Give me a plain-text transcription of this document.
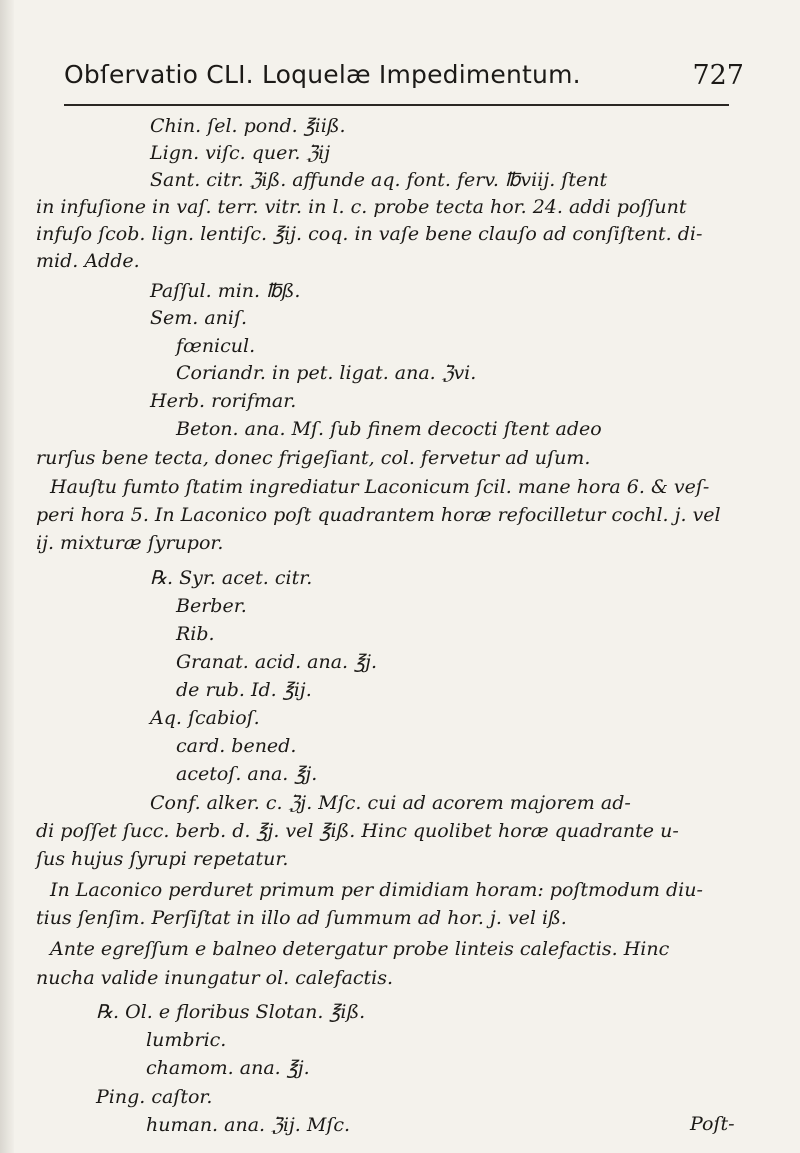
Obſervatio CLI. Loquelæ Impedimentum.	727
Chin. ſel. pond. ℥iiß.
Lign. viſc. quer. ℨij
Sant. citr. ℨiß. affunde aq. font. ferv. ℔viij. ſtent
in infuſione in vaſ. terr. vitr. in l. c. probe tecta hor. 24. addi poſſunt
infuſo ſcob. lign. lentiſc. ℥ij. coq. in vaſe bene clauſo ad conſiſtent. di-
mid. Adde.
Paſſul. min. ℔ß.
Sem. aniſ.
fœnicul.
Coriandr. in pet. ligat. ana. ℨvi.
Herb. rorifmar.
Beton. ana. Mſ. ſub finem decocti ſtent adeo
rurſus bene tecta, donec frigeſiant, col. fervetur ad uſum.
Hauſtu fumto ſtatim ingrediatur Laconicum ſcil. mane hora 6. & veſ-
peri hora 5. In Laconico poſt quadrantem horæ refocilletur cochl. j. vel
ij. mixturæ ſyrupor.
℞. Syr. acet. citr.
Berber.
Rib.
Granat. acid. ana. ℥j.
de rub. Id. ℥ij.
Aq. ſcabioſ.
card. bened.
acetoſ. ana. ℥j.
Conf. alker. c. ℨj. Mſc. cui ad acorem majorem ad-
di poſſet ſucc. berb. d. ℥j. vel ℥iß. Hinc quolibet horæ quadrante u-
ſus hujus ſyrupi repetatur.
In Laconico perduret primum per dimidiam horam: poſtmodum diu-
tius ſenſim. Perſiſtat in illo ad ſummum ad hor. j. vel iß.
Ante egreſſum e balneo detergatur probe linteis calefactis. Hinc
nucha valide inungatur ol. calefactis.
℞. Ol. e floribus Slotan. ℥iß.
lumbric.
chamom. ana. ℥j.
Ping. caſtor.
human. ana. ℨij. Mſc.	Poſt-
